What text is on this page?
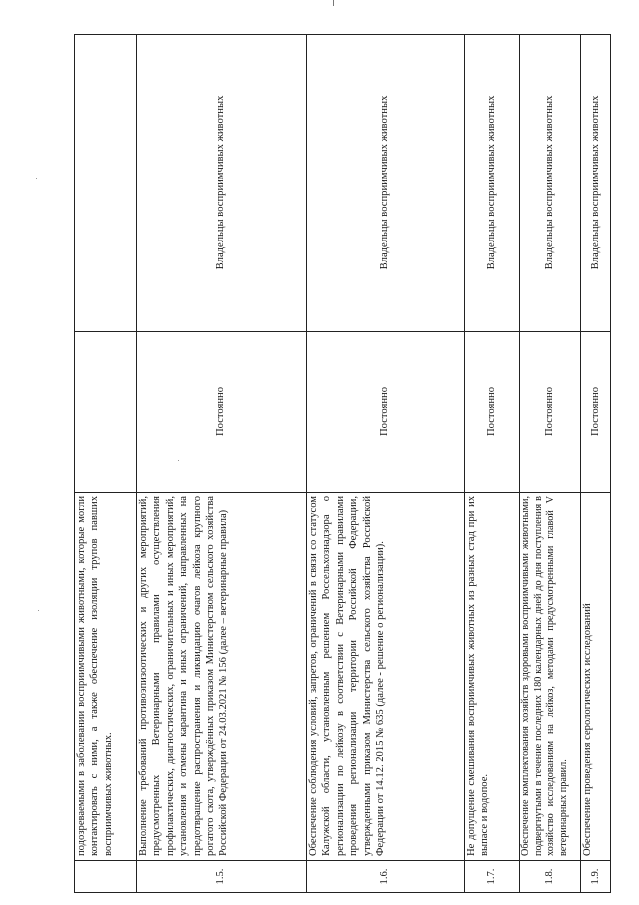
подозреваемыми в заболевании восприимчивыми животными, которые могли контактировать с ними, а также обеспечение изоляции трупов павших восприимчивых животных.
1.5.
Выполнение требований противоэпизоотических и других мероприятий, предусмотренных Ветеринарными правилами осуществления профилактических, диагностических, ограничительных и иных мероприятий, установления и отмены карантина и иных ограничений, направленных на предотвращение распространения и ликвидацию очагов лейкоза крупного рогатого скота, утверждённых приказом Министерством сельского хозяйства Российской Федерации от 24.03.2021 № 156 (далее – ветеринарные правила)
Постоянно
Владельцы восприимчивых животных
1.6.
Обеспечение соблюдения условий, запретов, ограничений в связи со статусом Калужской области, установленным решением Россельхознадзора о регионализации по лейкозу в соответствии с Ветеринарными правилами проведения регионализации территории Российской Федерации, утвержденными приказом Министерства сельского хозяйства Российской Федерации от 14.12. 2015 № 635 (далее - решение о регионализации).
Постоянно
Владельцы восприимчивых животных
1.7.
Не допущение смешивания восприимчивых животных из разных стад при их выпасе и водопое.
Постоянно
Владельцы восприимчивых животных
1.8.
Обеспечение комплектования хозяйств здоровыми восприимчивыми животными, подвергнутыми в течение последних 180 календарных дней до дня поступления в хозяйство исследованиям на лейкоз, методами предусмотренными главой V ветеринарных правил.
Постоянно
Владельцы восприимчивых животных
1.9.
Обеспечение проведения серологических исследований
Постоянно
Владельцы восприимчивых животных
